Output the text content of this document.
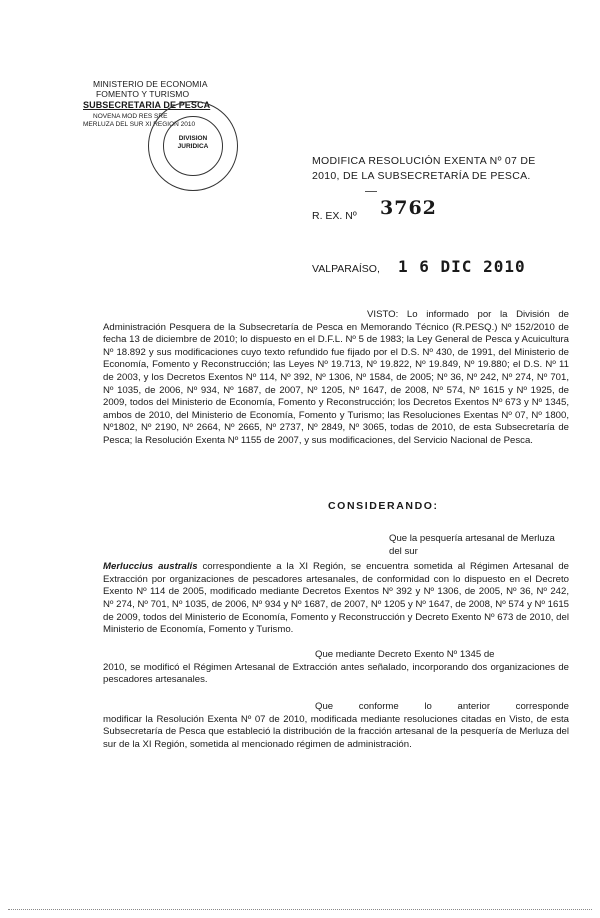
MINISTERIO DE ECONOMIA
FOMENTO Y TURISMO
SUBSECRETARIA DE PESCA
NOVENA MOD RES SRE
MERLUZA DEL SUR XI REGION 2010
DIVISION
JURIDICA
MODIFICA RESOLUCIÓN EXENTA Nº 07 DE
2010, DE LA SUBSECRETARÍA DE PESCA.
R. EX. Nº 3762
VALPARAÍSO, 1 6 DIC 2010
VISTO: Lo informado por la División de Administración Pesquera de la Subsecretaría de Pesca en Memorando Técnico (R.PESQ.) Nº 152/2010 de fecha 13 de diciembre de 2010; lo dispuesto en el D.F.L. Nº 5 de 1983; la Ley General de Pesca y Acuicultura Nº 18.892 y sus modificaciones cuyo texto refundido fue fijado por el D.S. Nº 430, de 1991, del Ministerio de Economía, Fomento y Reconstrucción; las Leyes Nº 19.713, Nº 19.822, Nº 19.849, Nº 19.880; el D.S. Nº 11 de 2003, y los Decretos Exentos Nº 114, Nº 392, Nº 1306, Nº 1584, de 2005; Nº 36, Nº 242, Nº 274, Nº 701, Nº 1035, de 2006, Nº 934, Nº 1687, de 2007, Nº 1205, Nº 1647, de 2008, Nº 574, Nº 1615 y Nº 1925, de 2009, todos del Ministerio de Economía, Fomento y Reconstrucción; los Decretos Exentos Nº 673 y Nº 1345, ambos de 2010, del Ministerio de Economía, Fomento y Turismo; las Resoluciones Exentas Nº 07, Nº 1800, Nº1802, Nº 2190, Nº 2664, Nº 2665, Nº 2737, Nº 2849, Nº 3065, todas de 2010, de esta Subsecretaría de Pesca; la Resolución Exenta Nº 1155 de 2007, y sus modificaciones, del Servicio Nacional de Pesca.
CONSIDERANDO:
Que la pesquería artesanal de Merluza del sur
Merluccius australis correspondiente a la XI Región, se encuentra sometida al Régimen Artesanal de Extracción por organizaciones de pescadores artesanales, de conformidad con lo dispuesto en el Decreto Exento Nº 114 de 2005, modificado mediante Decretos Exentos Nº 392 y Nº 1306, de 2005, Nº 36, Nº 242, Nº 274, Nº 701, Nº 1035, de 2006, Nº 934 y Nº 1687, de 2007, Nº 1205 y Nº 1647, de 2008, Nº 574 y Nº 1615 de 2009, todos del Ministerio de Economía, Fomento y Reconstrucción y Decreto Exento Nº 673 de 2010, del Ministerio de Economía, Fomento y Turismo.
Que mediante Decreto Exento Nº 1345 de
2010, se modificó el Régimen Artesanal de Extracción antes señalado, incorporando dos organizaciones de pescadores artesanales.
Que conforme lo anterior corresponde
modificar la Resolución Exenta Nº 07 de 2010, modificada mediante resoluciones citadas en Visto, de esta Subsecretaría de Pesca que estableció la distribución de la fracción artesanal de la pesquería de Merluza del sur de la XI Región, sometida al mencionado régimen de administración.
